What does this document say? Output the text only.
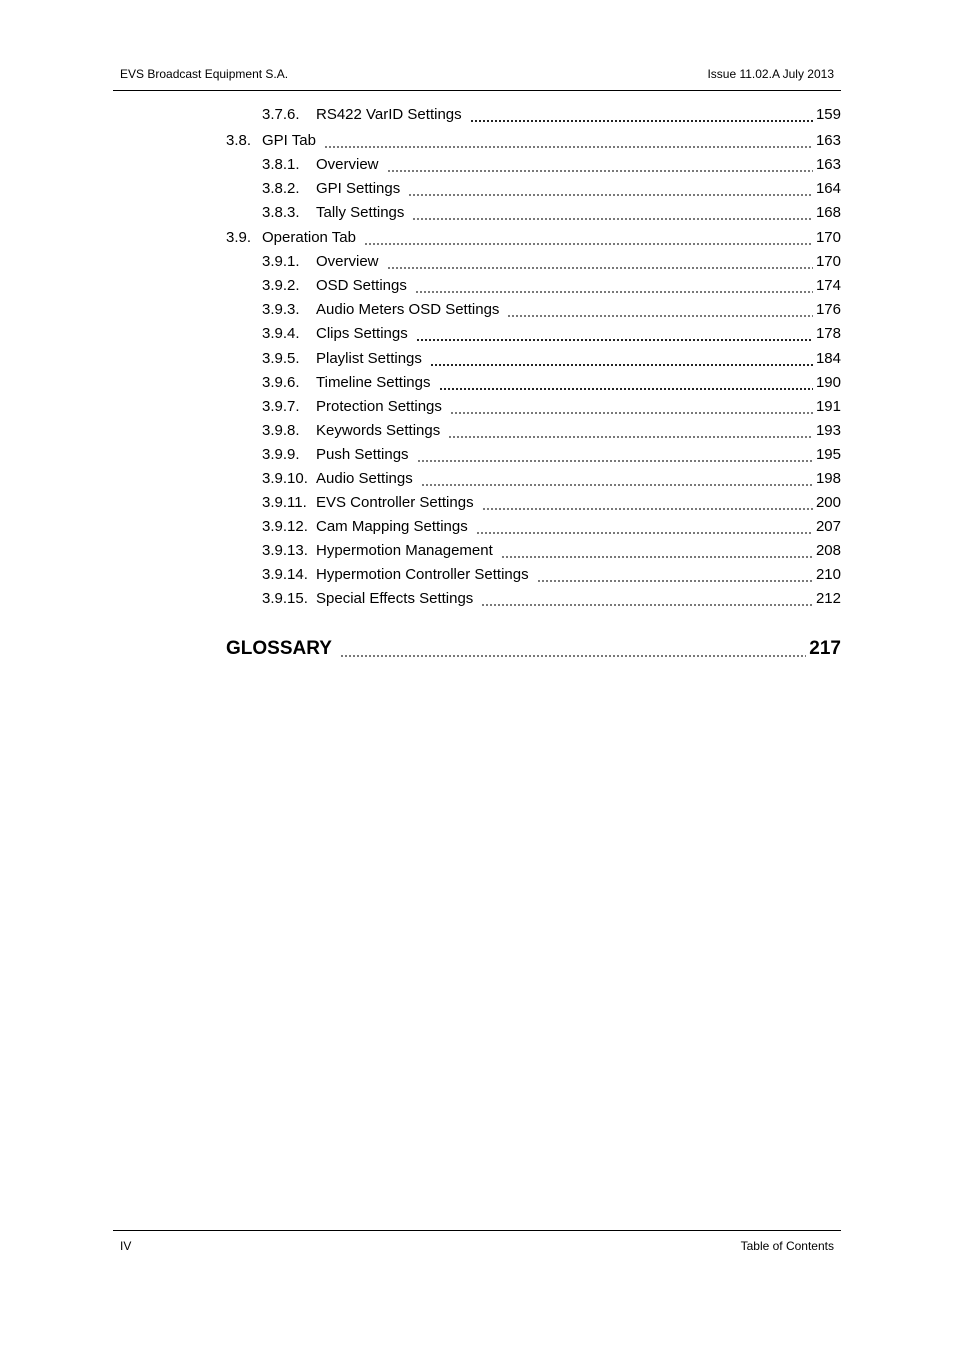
EVS Broadcast Equipment S.A.	Issue 11.02.A July 2013
3.7.6.	RS422 VarID Settings	159
3.8. GPI Tab	163
3.8.1.	Overview	163
3.8.2.	GPI Settings	164
3.8.3.	Tally Settings	168
3.9. Operation Tab	170
3.9.1.	Overview	170
3.9.2.	OSD Settings	174
3.9.3.	Audio Meters OSD Settings	176
3.9.4.	Clips Settings	178
3.9.5.	Playlist Settings	184
3.9.6.	Timeline Settings	190
3.9.7.	Protection Settings	191
3.9.8.	Keywords Settings	193
3.9.9.	Push Settings	195
3.9.10. Audio Settings	198
3.9.11. EVS Controller Settings	200
3.9.12. Cam Mapping Settings	207
3.9.13. Hypermotion Management	208
3.9.14. Hypermotion Controller Settings	210
3.9.15. Special Effects Settings	212
GLOSSARY	217
IV	Table of Contents
